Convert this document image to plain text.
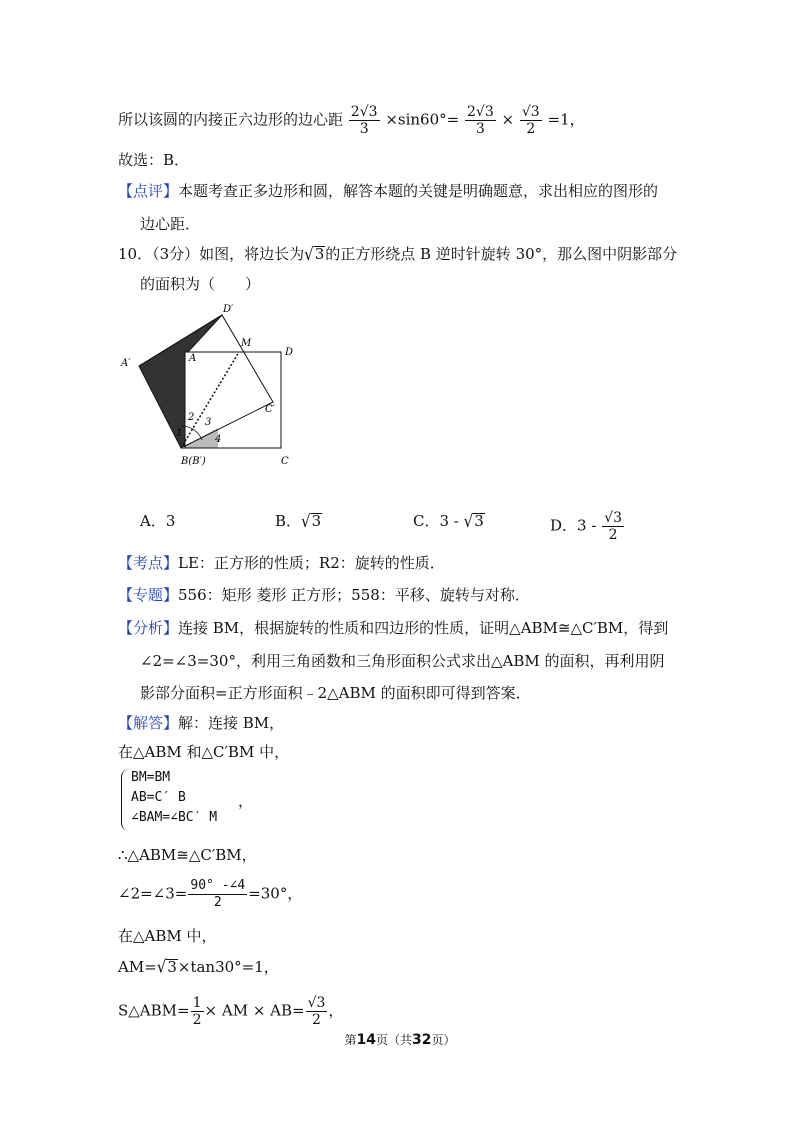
所以该圆的内接正六边形的边心距 $\frac{2√3}{3} \times\sin 60^\circ= \frac{2√3}{3} \times \frac{√3}{2} =1$，
故选：B．
【点评】本题考查正多边形和圆，解答本题的关键是明确题意，求出相应的图形的
边心距．
10．（3分）如图，将边长为√3的正方形绕点 B 逆时针旋转 30°，那么图中阴影部分
的面积为（　　）
D′
A′	A
M
D
C′
2 3
1
4
B(B′)	C
A．3	B．√3	C．3 - √3	D．$3 - \frac{√3}{2}$
【考点】LE：正方形的性质；R2：旋转的性质．
【专题】556：矩形 菱形 正方形；558：平移、旋转与对称．
【分析】连接 BM，根据旋转的性质和四边形的性质，证明△ABM≅△C′BM，得到
∠2=∠3=30°，利用三角函数和三角形面积公式求出△ABM 的面积，再利用阴
影部分面积=正方形面积﹣2△ABM 的面积即可得到答案．
【解答】解：连接 BM，
在△ABM 和△C′BM 中，
BM=BM
AB=C′ B
∠BAM=∠BC′ M
，
∴△ABM≅△C′BM，
∠2=∠3= $\frac{90^\circ -\angle 4}{2} =30^\circ$，
在△ABM 中，
AM=√3×tan30°=1，
S△ABM= $\frac{1}{2}$ × AM × $AB= \frac{√3}{2}$ ，
第14页（共32页）
